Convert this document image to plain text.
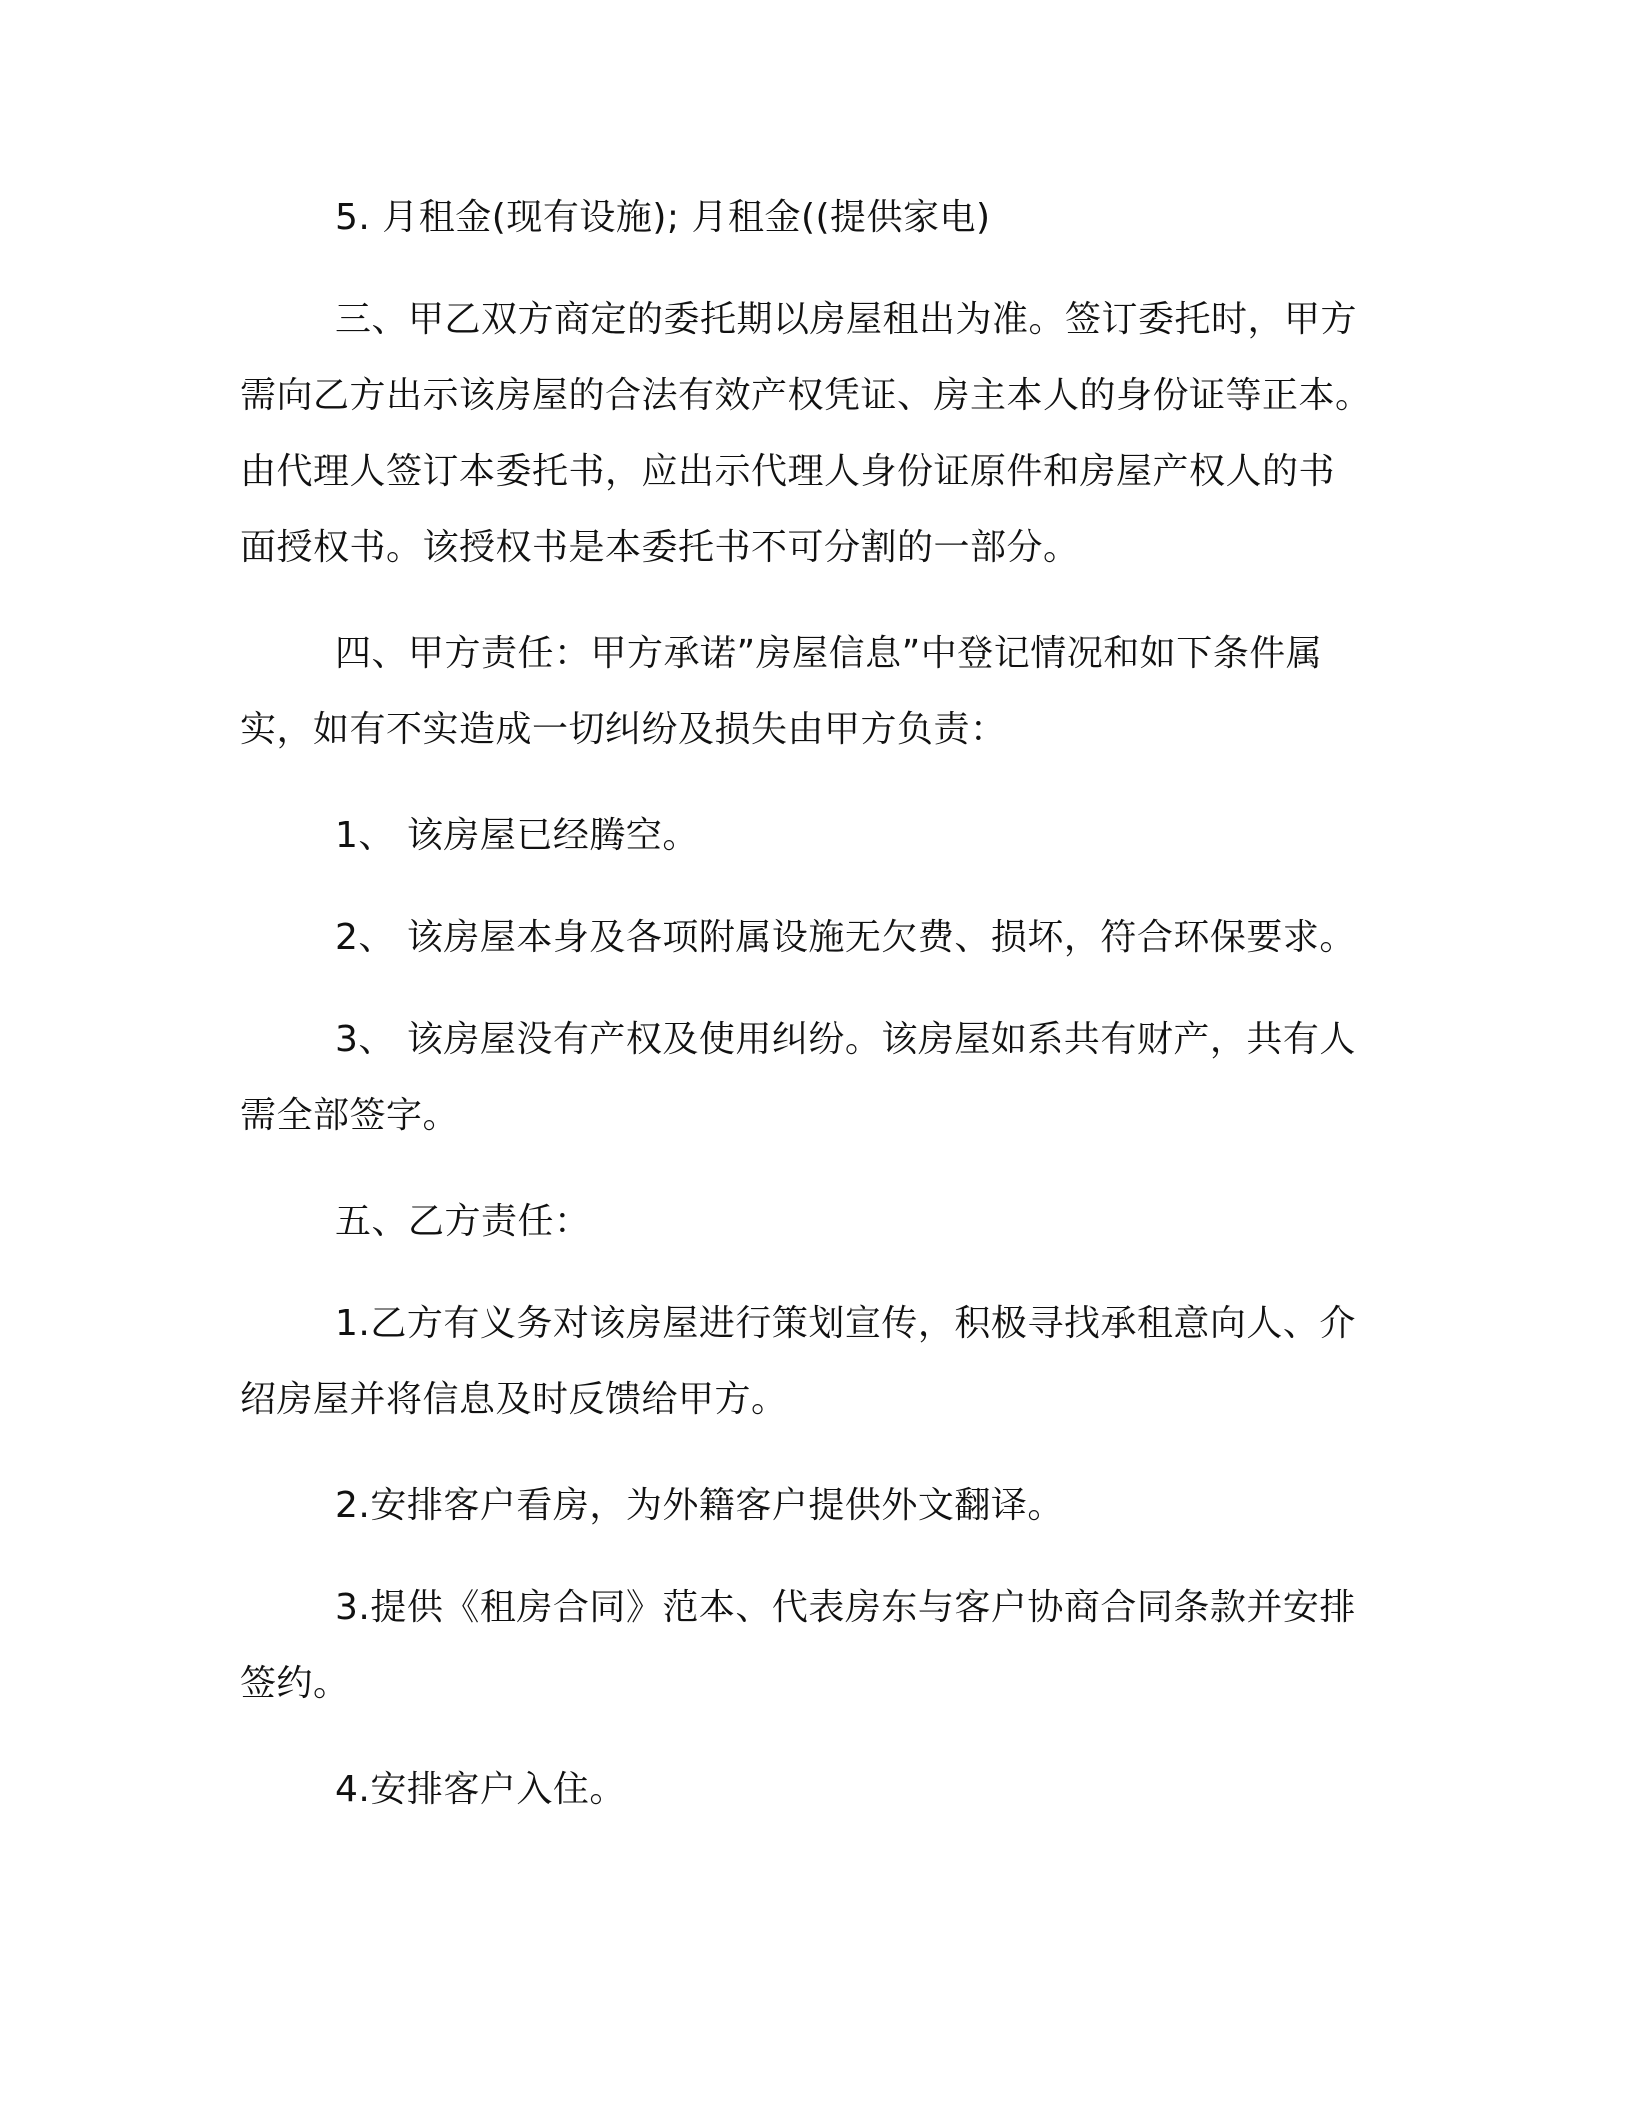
5. 月租金(现有设施); 月租金((提供家电)

三、甲乙双方商定的委托期以房屋租出为准。签订委托时，甲方
需向乙方出示该房屋的合法有效产权凭证、房主本人的身份证等正本。
由代理人签订本委托书，应出示代理人身份证原件和房屋产权人的书
面授权书。该授权书是本委托书不可分割的一部分。

四、甲方责任：甲方承诺”房屋信息”中登记情况和如下条件属
实，如有不实造成一切纠纷及损失由甲方负责：

1、 该房屋已经腾空。

2、 该房屋本身及各项附属设施无欠费、损坏，符合环保要求。

3、 该房屋没有产权及使用纠纷。该房屋如系共有财产，共有人
需全部签字。

五、乙方责任：

1.乙方有义务对该房屋进行策划宣传，积极寻找承租意向人、介
绍房屋并将信息及时反馈给甲方。

2.安排客户看房，为外籍客户提供外文翻译。

3.提供《租房合同》范本、代表房东与客户协商合同条款并安排
签约。

4.安排客户入住。
